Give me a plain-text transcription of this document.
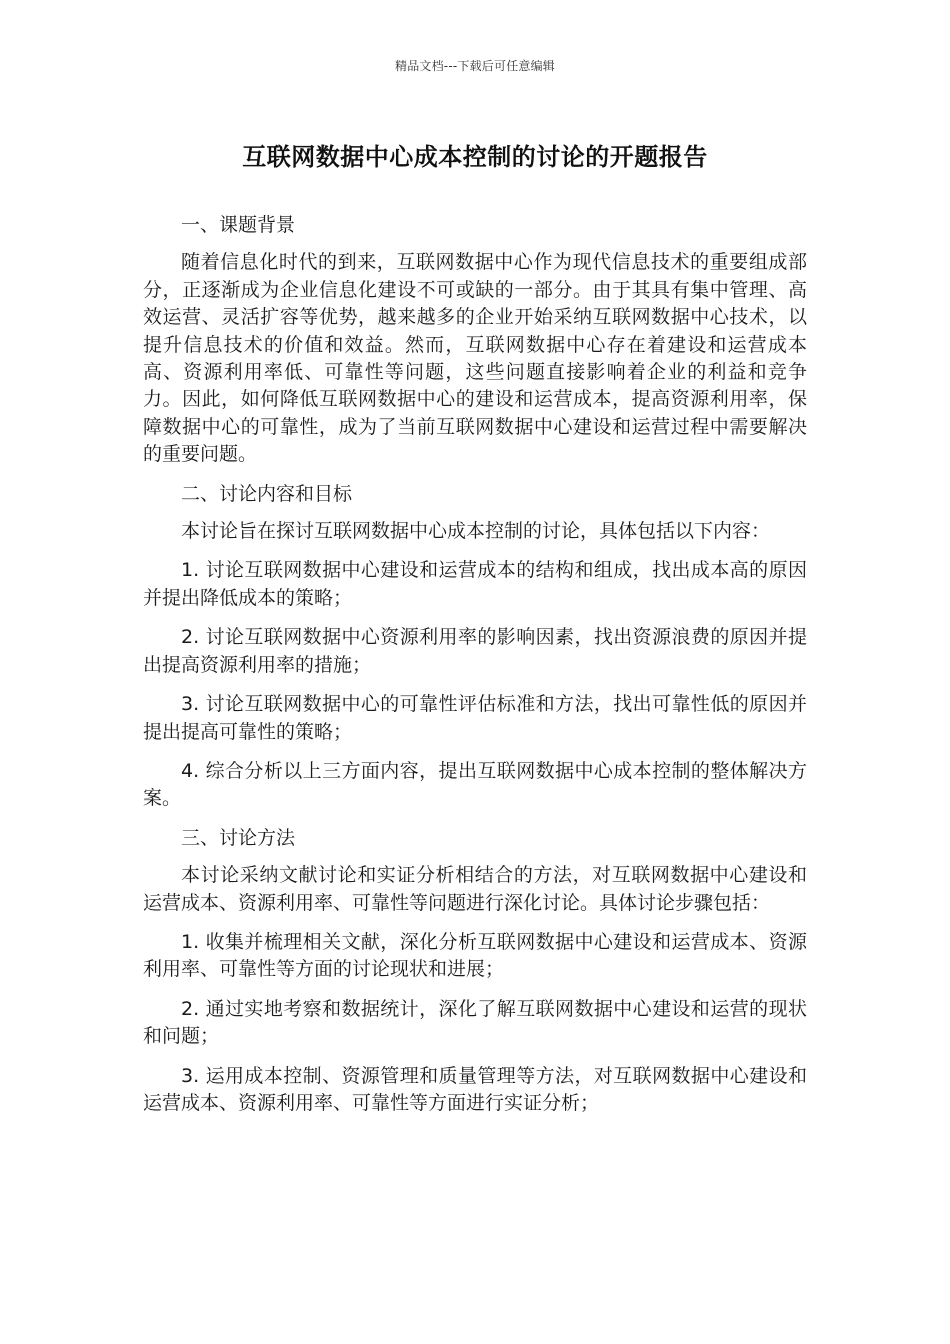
精品文档---下载后可任意编辑
互联网数据中心成本控制的讨论的开题报告

一、课题背景

随着信息化时代的到来，互联网数据中心作为现代信息技术的重要组成部分，正逐渐成为企业信息化建设不可或缺的一部分。由于其具有集中管理、高效运营、灵活扩容等优势，越来越多的企业开始采纳互联网数据中心技术，以提升信息技术的价值和效益。然而，互联网数据中心存在着建设和运营成本高、资源利用率低、可靠性等问题，这些问题直接影响着企业的利益和竞争力。因此，如何降低互联网数据中心的建设和运营成本，提高资源利用率，保障数据中心的可靠性，成为了当前互联网数据中心建设和运营过程中需要解决的重要问题。

二、讨论内容和目标

本讨论旨在探讨互联网数据中心成本控制的讨论，具体包括以下内容：

1. 讨论互联网数据中心建设和运营成本的结构和组成，找出成本高的原因并提出降低成本的策略；

2. 讨论互联网数据中心资源利用率的影响因素，找出资源浪费的原因并提出提高资源利用率的措施；

3. 讨论互联网数据中心的可靠性评估标准和方法，找出可靠性低的原因并提出提高可靠性的策略；

4. 综合分析以上三方面内容，提出互联网数据中心成本控制的整体解决方案。

三、讨论方法

本讨论采纳文献讨论和实证分析相结合的方法，对互联网数据中心建设和运营成本、资源利用率、可靠性等问题进行深化讨论。具体讨论步骤包括：

1. 收集并梳理相关文献，深化分析互联网数据中心建设和运营成本、资源利用率、可靠性等方面的讨论现状和进展；

2. 通过实地考察和数据统计，深化了解互联网数据中心建设和运营的现状和问题；

3. 运用成本控制、资源管理和质量管理等方法，对互联网数据中心建设和运营成本、资源利用率、可靠性等方面进行实证分析；
